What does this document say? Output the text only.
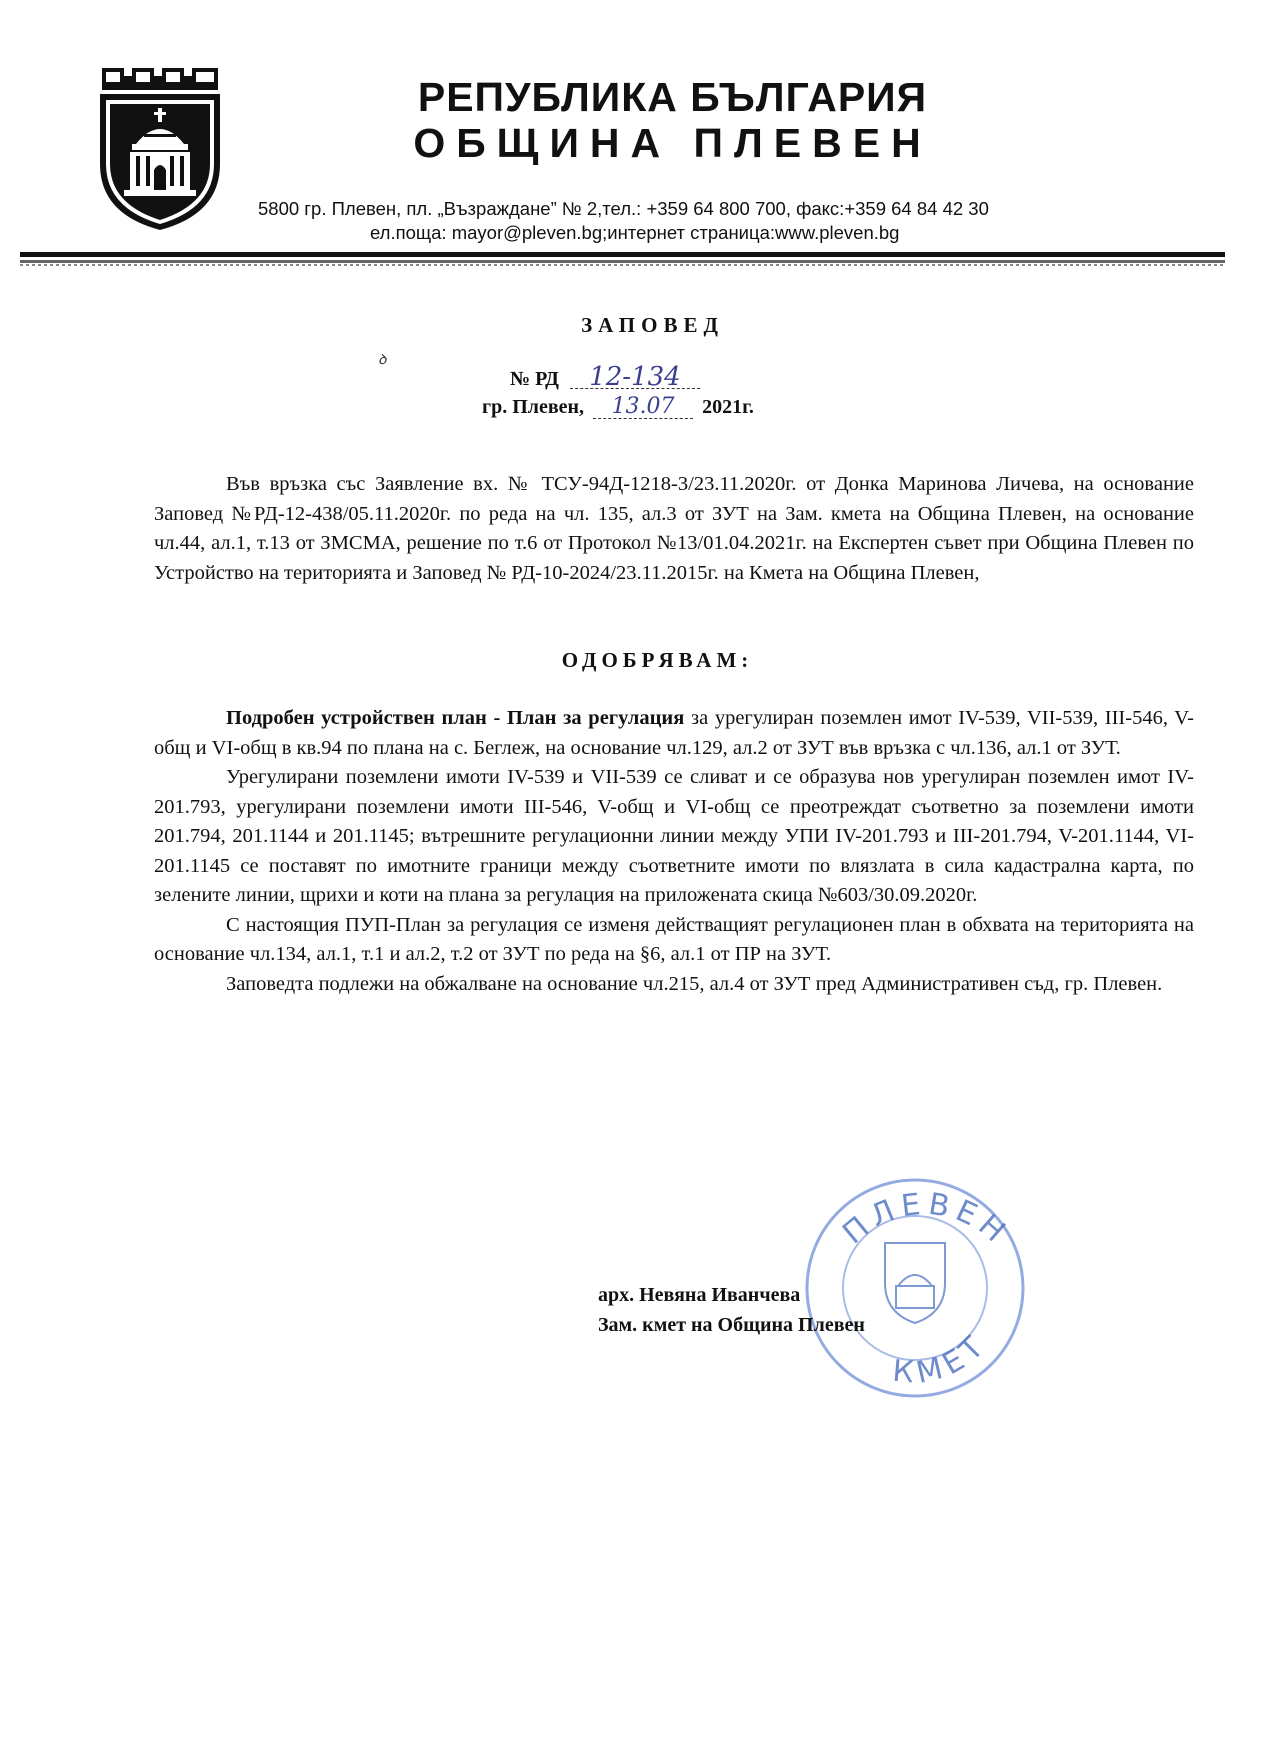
РЕПУБЛИКА БЪЛГАРИЯ
ОБЩИНА ПЛЕВЕН
5800 гр. Плевен, пл. „Възраждане” № 2,тел.: +359 64 800 700, факс:+359 64 84 42 30
ел.поща: mayor@pleven.bg;интернет страница:www.pleven.bg
ЗАПОВЕД
ꝺ
№ РД 12-134
гр. Плевен, 13.07 2021г.

Във връзка със Заявление вх. № ТСУ-94Д-1218-3/23.11.2020г. от Донка Маринова Личева, на основание Заповед №РД-12-438/05.11.2020г. по реда на чл. 135, ал.3 от ЗУТ на Зам. кмета на Община Плевен, на основание чл.44, ал.1, т.13 от ЗМСМА, решение по т.6 от Протокол №13/01.04.2021г. на Експертен съвет при Община Плевен по Устройство на територията и Заповед № РД-10-2024/23.11.2015г. на Кмета на Община Плевен,

ОДОБРЯВАМ:

Подробен устройствен план - План за регулация за урегулиран поземлен имот IV-539, VII-539, III-546, V-общ и VI-общ в кв.94 по плана на с. Беглеж, на основание чл.129, ал.2 от ЗУТ във връзка с чл.136, ал.1 от ЗУТ.

Урегулирани поземлени имоти IV-539 и VII-539 се сливат и се образува нов урегулиран поземлен имот IV-201.793, урегулирани поземлени имоти III-546, V-общ и VI-общ се преотреждат съответно за поземлени имоти 201.794, 201.1144 и 201.1145; вътрешните регулационни линии между УПИ IV-201.793 и III-201.794, V-201.1144, VI-201.1145 се поставят по имотните граници между съответните имоти по влязлата в сила кадастрална карта, по зелените линии, щрихи и коти на плана за регулация на приложената скица №603/30.09.2020г.

С настоящия ПУП-План за регулация се изменя действащият регулационен план в обхвата на територията на основание чл.134, ал.1, т.1 и ал.2, т.2 от ЗУТ по реда на §6, ал.1 от ПР на ЗУТ.

Заповедта подлежи на обжалване на основание чл.215, ал.4 от ЗУТ пред Административен съд, гр. Плевен.

ПЛЕВЕН
КМЕТ
арх. Невяна Иванчева
Зам. кмет на Община Плевен
